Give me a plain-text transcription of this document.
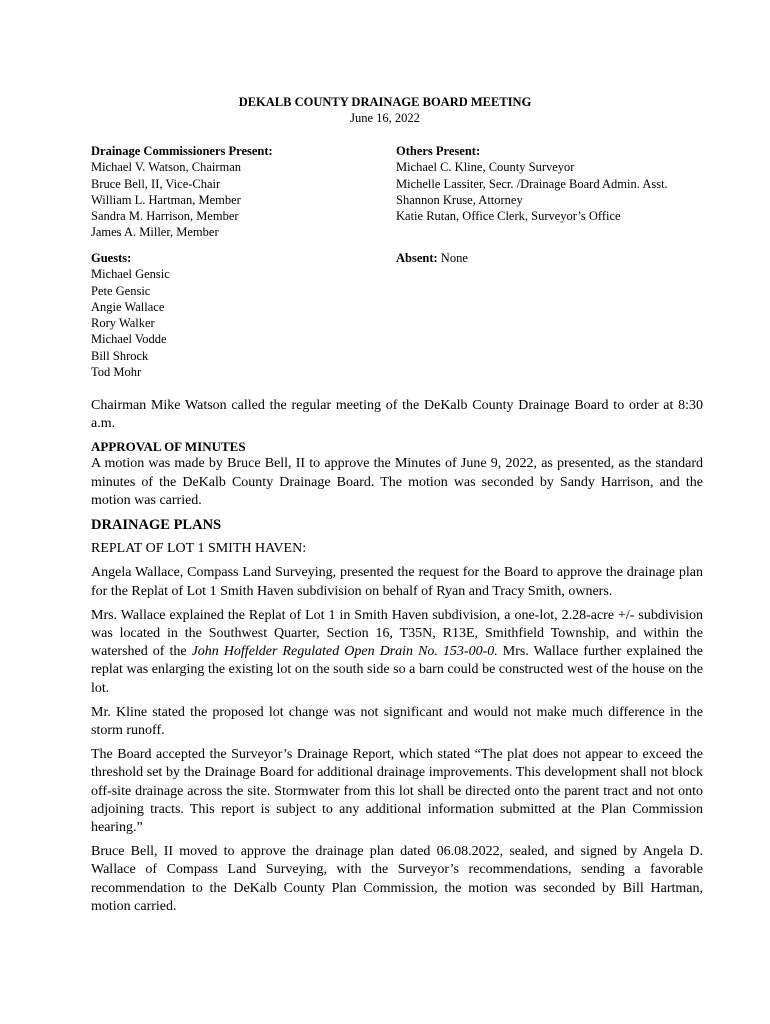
DEKALB COUNTY DRAINAGE BOARD MEETING
June 16, 2022
Drainage Commissioners Present:
Michael V. Watson, Chairman
Bruce Bell, II, Vice-Chair
William L. Hartman, Member
Sandra M. Harrison, Member
James A. Miller, Member
Others Present:
Michael C. Kline, County Surveyor
Michelle Lassiter, Secr. /Drainage Board Admin. Asst.
Shannon Kruse, Attorney
Katie Rutan, Office Clerk, Surveyor’s Office
Guests:
Michael Gensic
Pete Gensic
Angie Wallace
Rory Walker
Michael Vodde
Bill Shrock
Tod Mohr
Absent: None

Chairman Mike Watson called the regular meeting of the DeKalb County Drainage Board to order at 8:30 a.m.

APPROVAL OF MINUTES

A motion was made by Bruce Bell, II to approve the Minutes of June 9, 2022, as presented, as the standard minutes of the DeKalb County Drainage Board. The motion was seconded by Sandy Harrison, and the motion was carried.

DRAINAGE PLANS
REPLAT OF LOT 1 SMITH HAVEN:

Angela Wallace, Compass Land Surveying, presented the request for the Board to approve the drainage plan for the Replat of Lot 1 Smith Haven subdivision on behalf of Ryan and Tracy Smith, owners.

Mrs. Wallace explained the Replat of Lot 1 in Smith Haven subdivision, a one-lot, 2.28-acre +/- subdivision was located in the Southwest Quarter, Section 16, T35N, R13E, Smithfield Township, and within the watershed of the John Hoffelder Regulated Open Drain No. 153-00-0. Mrs. Wallace further explained the replat was enlarging the existing lot on the south side so a barn could be constructed west of the house on the lot.

Mr. Kline stated the proposed lot change was not significant and would not make much difference in the storm runoff.

The Board accepted the Surveyor’s Drainage Report, which stated “The plat does not appear to exceed the threshold set by the Drainage Board for additional drainage improvements. This development shall not block off-site drainage across the site. Stormwater from this lot shall be directed onto the parent tract and not onto adjoining tracts. This report is subject to any additional information submitted at the Plan Commission hearing.”

Bruce Bell, II moved to approve the drainage plan dated 06.08.2022, sealed, and signed by Angela D. Wallace of Compass Land Surveying, with the Surveyor’s recommendations, sending a favorable recommendation to the DeKalb County Plan Commission, the motion was seconded by Bill Hartman, motion carried.
